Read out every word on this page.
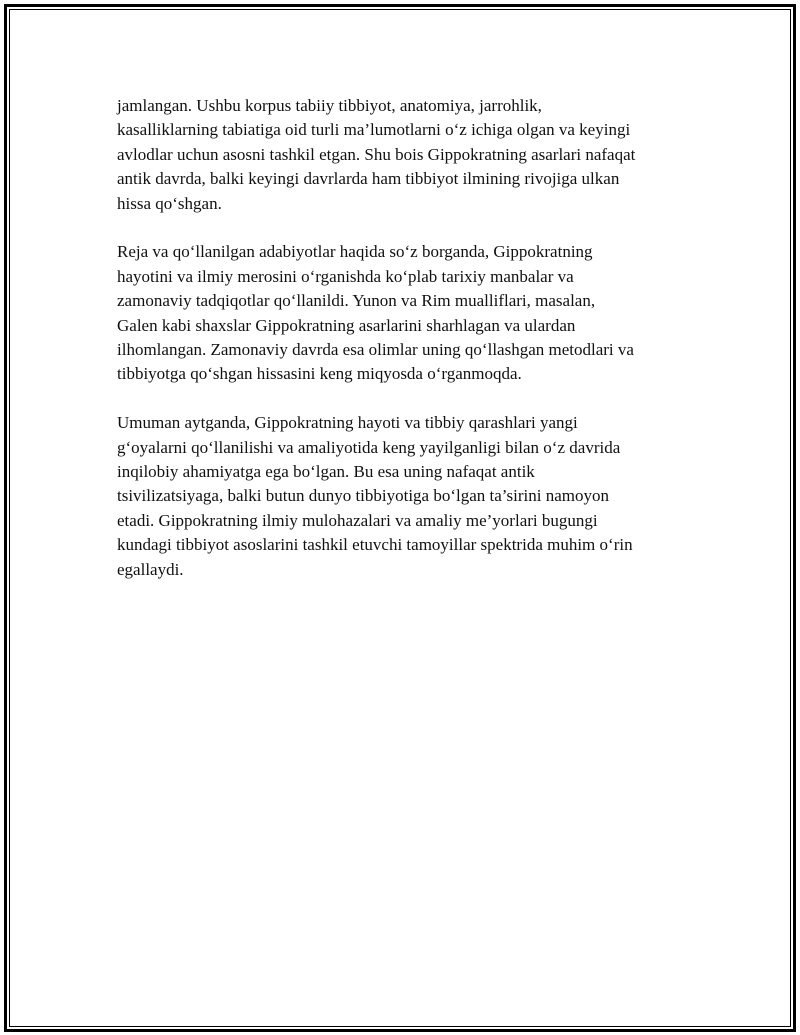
jamlangan. Ushbu korpus tabiiy tibbiyot, anatomiya, jarrohlik,
kasalliklarning tabiatiga oid turli ma’lumotlarni o‘z ichiga olgan va keyingi
avlodlar uchun asosni tashkil etgan. Shu bois Gippokratning asarlari nafaqat
antik davrda, balki keyingi davrlarda ham tibbiyot ilmining rivojiga ulkan
hissa qo‘shgan.

Reja va qo‘llanilgan adabiyotlar haqida so‘z borganda, Gippokratning
hayotini va ilmiy merosini o‘rganishda ko‘plab tarixiy manbalar va
zamonaviy tadqiqotlar qo‘llanildi. Yunon va Rim mualliflari, masalan,
Galen kabi shaxslar Gippokratning asarlarini sharhlagan va ulardan
ilhomlangan. Zamonaviy davrda esa olimlar uning qo‘llashgan metodlari va
tibbiyotga qo‘shgan hissasini keng miqyosda o‘rganmoqda.

Umuman aytganda, Gippokratning hayoti va tibbiy qarashlari yangi
g‘oyalarni qo‘llanilishi va amaliyotida keng yayilganligi bilan o‘z davrida
inqilobiy ahamiyatga ega bo‘lgan. Bu esa uning nafaqat antik
tsivilizatsiyaga, balki butun dunyo tibbiyotiga bo‘lgan ta’sirini namoyon
etadi. Gippokratning ilmiy mulohazalari va amaliy me’yorlari bugungi
kundagi tibbiyot asoslarini tashkil etuvchi tamoyillar spektrida muhim o‘rin
egallaydi.
